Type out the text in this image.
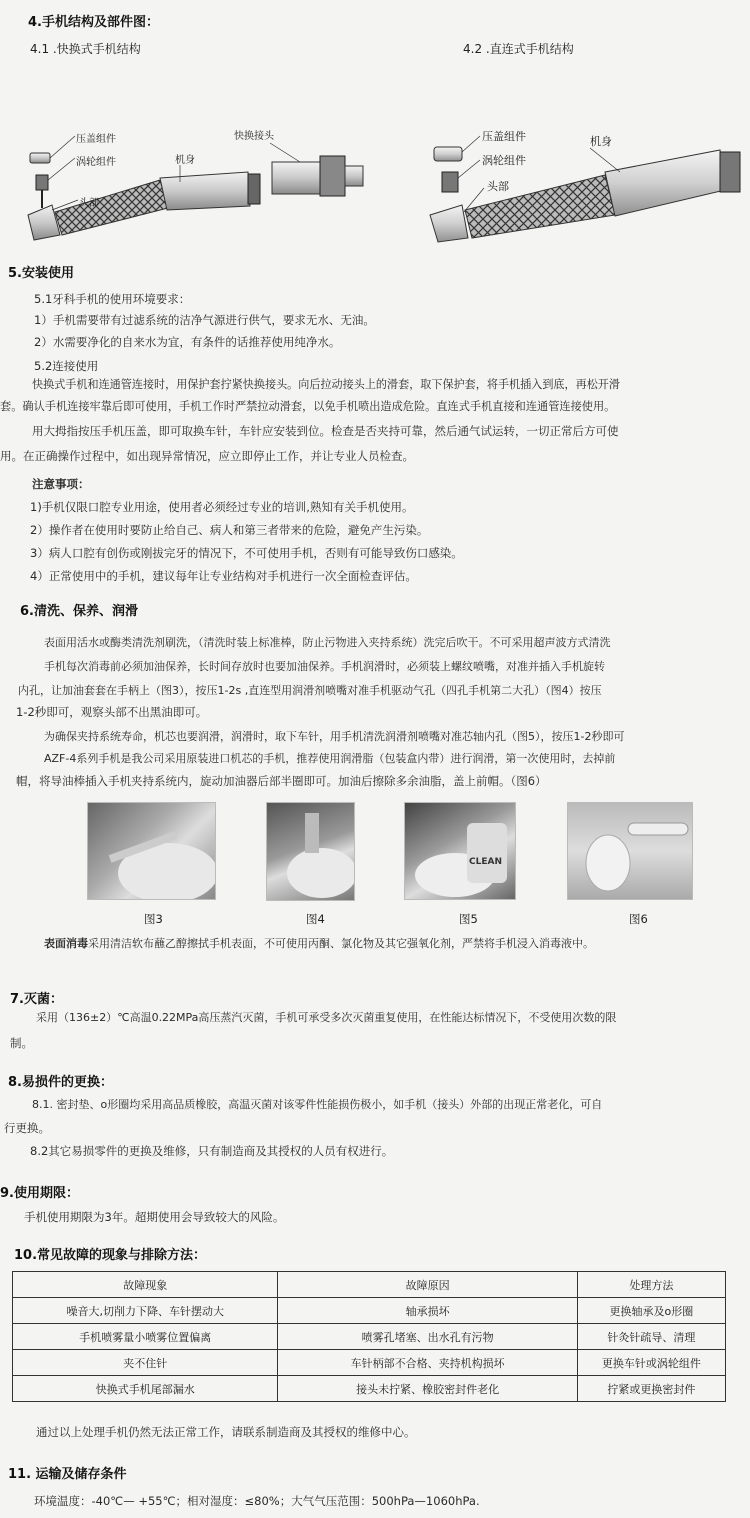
4.手机结构及部件图：
4.1 .快换式手机结构	4.2 .直连式手机结构
压盖组件
涡轮组件
头部
机身
快换接头	压盖组件
涡轮组件
头部
机身
5.安装使用
5.1牙科手机的使用环境要求：
1）手机需要带有过滤系统的洁净气源进行供气，要求无水、无油。
2）水需要净化的自来水为宜，有条件的话推荐使用纯净水。
5.2连接使用
快换式手机和连通管连接时，用保护套拧紧快换接头。向后拉动接头上的滑套，取下保护套，将手机插入到底，再松开滑
套。确认手机连接牢靠后即可使用，手机工作时严禁拉动滑套，以免手机喷出造成危险。直连式手机直接和连通管连接使用。
用大拇指按压手机压盖，即可取换车针，车针应安装到位。检查是否夹持可靠，然后通气试运转，一切正常后方可使
用。在正确操作过程中，如出现异常情况，应立即停止工作，并让专业人员检查。
注意事项：
1)手机仅限口腔专业用途，使用者必须经过专业的培训,熟知有关手机使用。
2）操作者在使用时要防止给自己、病人和第三者带来的危险，避免产生污染。
3）病人口腔有创伤或刚拔完牙的情况下，不可使用手机，否则有可能导致伤口感染。
4）正常使用中的手机，建议每年让专业结构对手机进行一次全面检查评估。
6.清洗、保养、润滑
表面用活水或酶类清洗剂刷洗，（清洗时装上标准棒，防止污物进入夹持系统）洗完后吹干。不可采用超声波方式清洗
手机每次消毒前必须加油保养，长时间存放时也要加油保养。手机润滑时，必须装上螺纹喷嘴，对准并插入手机旋转
内孔，让加油套套在手柄上（图3），按压1-2s ,直连型用润滑剂喷嘴对准手机驱动气孔（四孔手机第二大孔）（图4）按压
1-2秒即可，观察头部不出黑油即可。
为确保夹持系统寿命，机芯也要润滑，润滑时，取下车针，用手机清洗润滑剂喷嘴对准芯轴内孔（图5），按压1-2秒即可
AZF-4系列手机是我公司采用原装进口机芯的手机，推荐使用润滑脂（包装盒内带）进行润滑，第一次使用时，去掉前
帽，将导油棒插入手机夹持系统内，旋动加油器后部半圈即可。加油后擦除多余油脂，盖上前帽。（图6）
CLEAN
图3	图4	图5	图6
表面消毒采用清洁软布蘸乙醇擦拭手机表面，不可使用丙酮、氯化物及其它强氧化剂，严禁将手机浸入消毒液中。
7.灭菌：
采用（136±2）℃高温0.22MPa高压蒸汽灭菌，手机可承受多次灭菌重复使用，在性能达标情况下，不受使用次数的限
制。
8.易损件的更换：
8.1. 密封垫、o形圈均采用高品质橡胶，高温灭菌对该零件性能损伤极小，如手机（接头）外部的出现正常老化，可自
行更换。
8.2其它易损零件的更换及维修，只有制造商及其授权的人员有权进行。
9.使用期限：
手机使用期限为3年。超期使用会导致较大的风险。
10.常见故障的现象与排除方法：
故障现象	故障原因	处理方法
噪音大,切削力下降、车针摆动大	轴承损坏	更换轴承及o形圈
手机喷雾量小喷雾位置偏离	喷雾孔堵塞、出水孔有污物	针灸针疏导、清理
夹不住针	车针柄部不合格、夹持机构损坏	更换车针或涡轮组件
快换式手机尾部漏水	接头未拧紧、橡胶密封件老化	拧紧或更换密封件
通过以上处理手机仍然无法正常工作，请联系制造商及其授权的维修中心。
11. 运输及储存条件
环境温度：-40℃— +55℃；相对湿度：≤80%；大气气压范围：500hPa—1060hPa.
